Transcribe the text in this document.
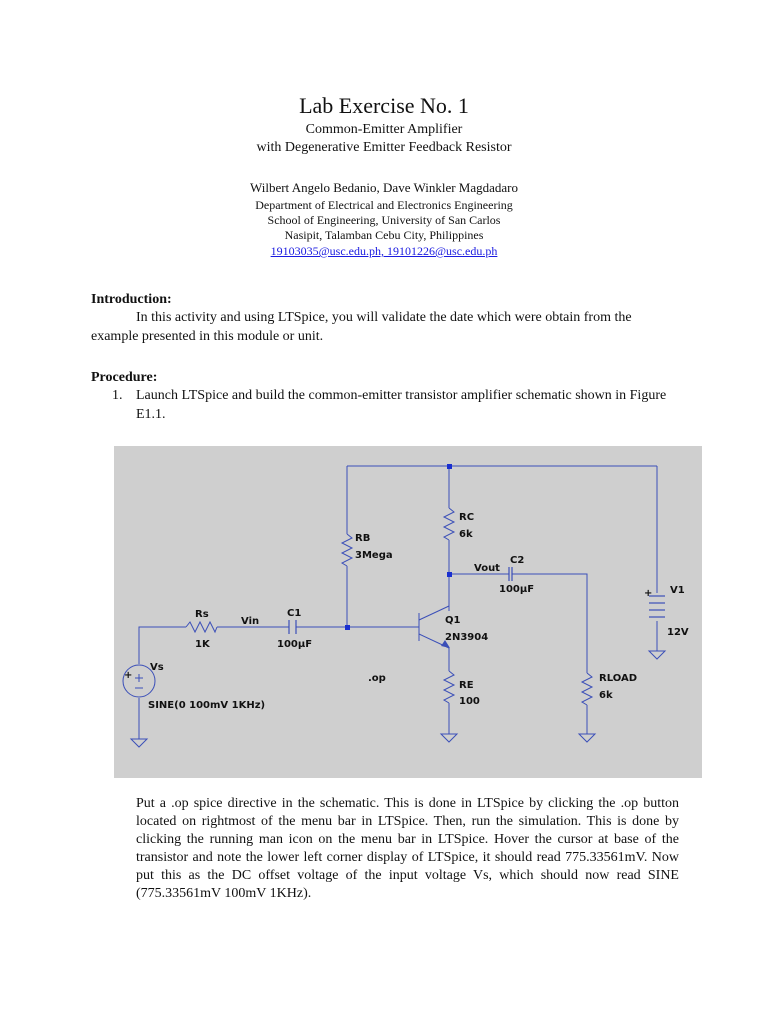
Lab Exercise No. 1
Common-Emitter Amplifier
with Degenerative Emitter Feedback Resistor
Wilbert Angelo Bedanio, Dave Winkler Magdadaro
Department of Electrical and Electronics Engineering
School of Engineering, University of San Carlos
Nasipit, Talamban Cebu City, Philippines
19103035@usc.edu.ph, 19101226@usc.edu.ph
Introduction:
In this activity and using LTSpice, you will validate the date which were obtain from the example presented in this module or unit.
Procedure:
1. Launch LTSpice and build the common-emitter transistor amplifier schematic shown in Figure E1.1.
RB
3Mega
RC
6k
Vout
C2
100µF	+ V1
12V
Rs
1K
Vin
C1
100µF
Q1
2N3904
+
Vs
SINE(0 100mV 1KHz)
.op
RE
100
RLOAD
6k
Put a .op spice directive in the schematic. This is done in LTSpice by clicking the .op button located on rightmost of the menu bar in LTSpice. Then, run the simulation. This is done by clicking the running man icon on the menu bar in LTSpice. Hover the cursor at base of the transistor and note the lower left corner display of LTSpice, it should read 775.33561mV. Now put this as the DC offset voltage of the input voltage Vs, which should now read SINE (775.33561mV 100mV 1KHz).
